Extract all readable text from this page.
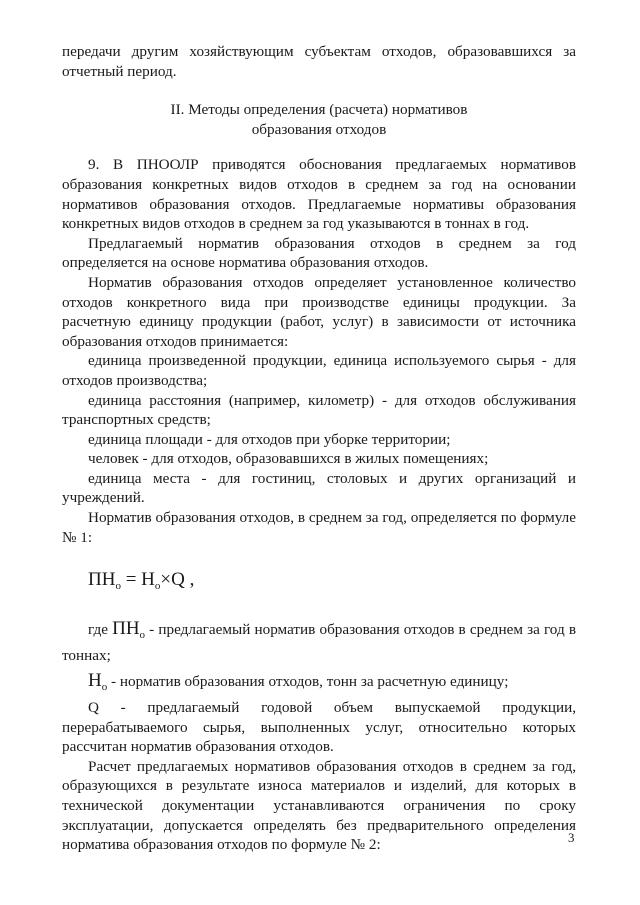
передачи другим хозяйствующим субъектам отходов, образовавшихся за отчетный период.

II. Методы определения (расчета) нормативов
образования отходов

9. В ПНООЛР приводятся обоснования предлагаемых нормативов образования конкретных видов отходов в среднем за год на основании нормативов образования отходов. Предлагаемые нормативы образования конкретных видов отходов в среднем за год указываются в тоннах в год.

Предлагаемый норматив образования отходов в среднем за год определяется на основе норматива образования отходов.

Норматив образования отходов определяет установленное количество отходов конкретного вида при производстве единицы продукции. За расчетную единицу продукции (работ, услуг) в зависимости от источника образования отходов принимается:

единица произведенной продукции, единица используемого сырья - для отходов производства;

единица расстояния (например, километр) - для отходов обслуживания транспортных средств;

единица площади - для отходов при уборке территории;

человек - для отходов, образовавшихся в жилых помещениях;

единица места - для гостиниц, столовых и других организаций и учреждений.

Норматив образования отходов, в среднем за год, определяется по формуле № 1:

$ПН_о = Н_о\times Q$ ,

где $ПН_о$ - предлагаемый норматив образования отходов в среднем за год в тоннах;

$Н_о$ - норматив образования отходов, тонн за расчетную единицу;

Q - предлагаемый годовой объем выпускаемой продукции, перерабатываемого сырья, выполненных услуг, относительно которых рассчитан норматив образования отходов.

Расчет предлагаемых нормативов образования отходов в среднем за год, образующихся в результате износа материалов и изделий, для которых в технической документации устанавливаются ограничения по сроку эксплуатации, допускается определять без предварительного определения норматива образования отходов по формуле № 2:	3
